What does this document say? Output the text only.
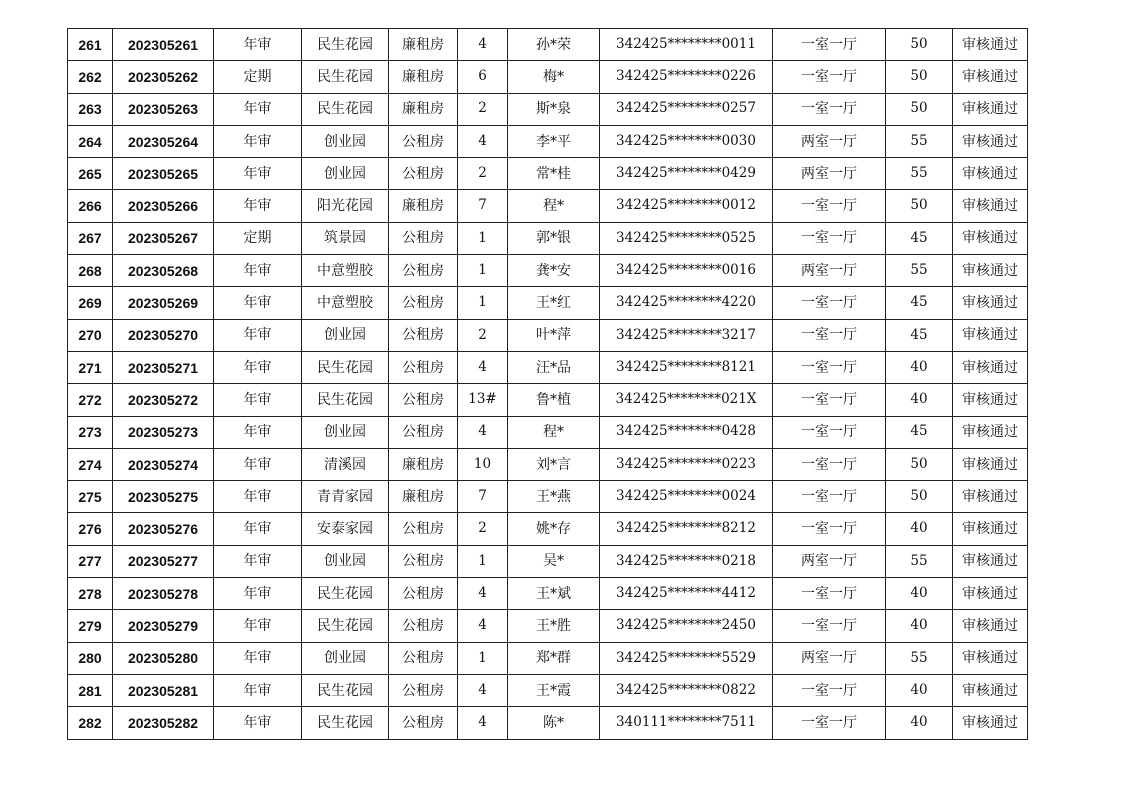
261	202305261	年审	民生花园	廉租房	4	孙*荣	342425********0011	一室一厅	50	审核通过
262	202305262	定期	民生花园	廉租房	6	梅*	342425********0226	一室一厅	50	审核通过
263	202305263	年审	民生花园	廉租房	2	斯*泉	342425********0257	一室一厅	50	审核通过
264	202305264	年审	创业园	公租房	4	李*平	342425********0030	两室一厅	55	审核通过
265	202305265	年审	创业园	公租房	2	常*桂	342425********0429	两室一厅	55	审核通过
266	202305266	年审	阳光花园	廉租房	7	程*	342425********0012	一室一厅	50	审核通过
267	202305267	定期	筑景园	公租房	1	郭*银	342425********0525	一室一厅	45	审核通过
268	202305268	年审	中意塑胶	公租房	1	龚*安	342425********0016	两室一厅	55	审核通过
269	202305269	年审	中意塑胶	公租房	1	王*红	342425********4220	一室一厅	45	审核通过
270	202305270	年审	创业园	公租房	2	叶*萍	342425********3217	一室一厅	45	审核通过
271	202305271	年审	民生花园	公租房	4	汪*品	342425********8121	一室一厅	40	审核通过
272	202305272	年审	民生花园	公租房	13#	鲁*植	342425********021X	一室一厅	40	审核通过
273	202305273	年审	创业园	公租房	4	程*	342425********0428	一室一厅	45	审核通过
274	202305274	年审	清溪园	廉租房	10	刘*言	342425********0223	一室一厅	50	审核通过
275	202305275	年审	青青家园	廉租房	7	王*燕	342425********0024	一室一厅	50	审核通过
276	202305276	年审	安泰家园	公租房	2	姚*存	342425********8212	一室一厅	40	审核通过
277	202305277	年审	创业园	公租房	1	吴*	342425********0218	两室一厅	55	审核通过
278	202305278	年审	民生花园	公租房	4	王*斌	342425********4412	一室一厅	40	审核通过
279	202305279	年审	民生花园	公租房	4	王*胜	342425********2450	一室一厅	40	审核通过
280	202305280	年审	创业园	公租房	1	郑*群	342425********5529	两室一厅	55	审核通过
281	202305281	年审	民生花园	公租房	4	王*霞	342425********0822	一室一厅	40	审核通过
282	202305282	年审	民生花园	公租房	4	陈*	340111********7511	一室一厅	40	审核通过
